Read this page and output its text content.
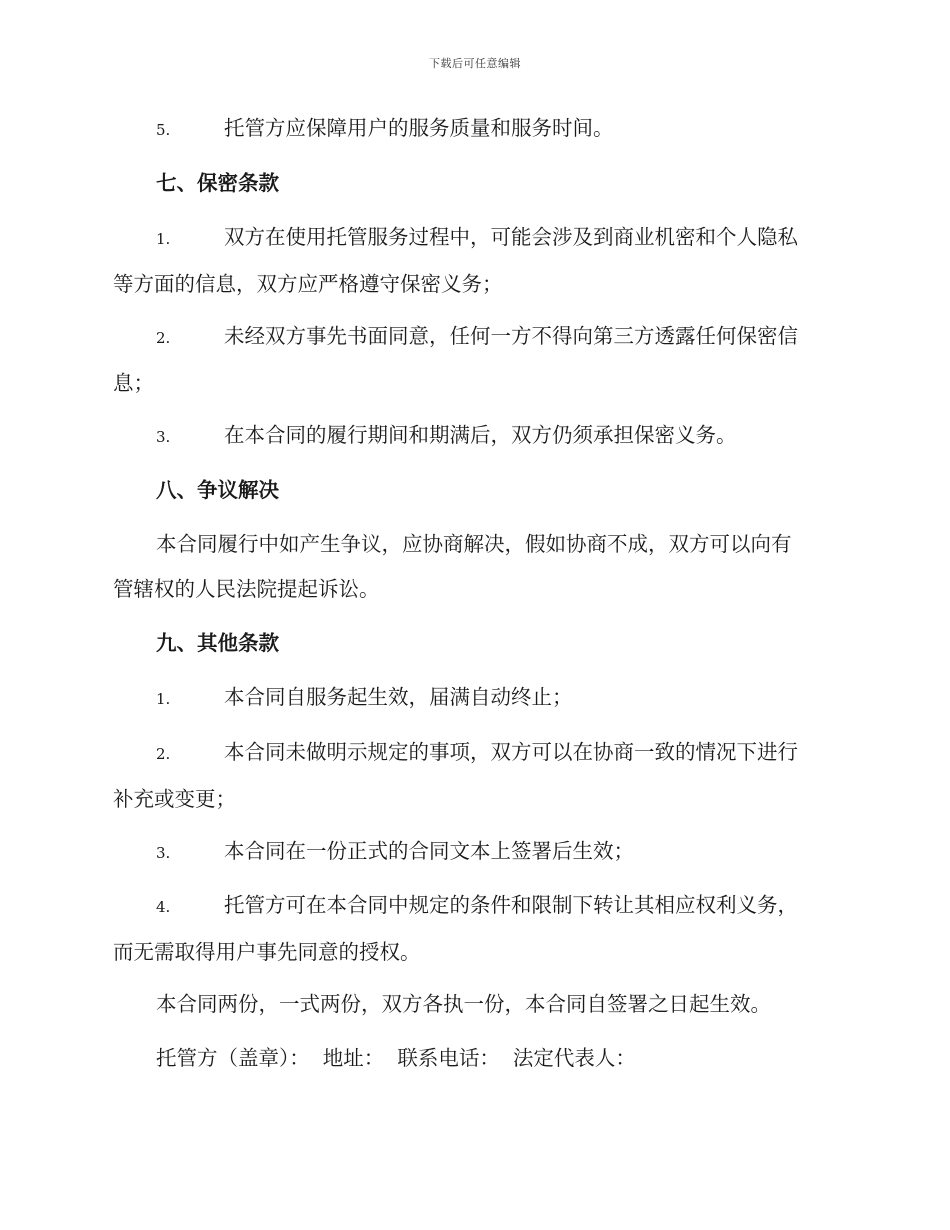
下载后可任意编辑
5.	托管方应保障用户的服务质量和服务时间。
七、保密条款
1.	双方在使用托管服务过程中，可能会涉及到商业机密和个人隐私
等方面的信息，双方应严格遵守保密义务；
2.	未经双方事先书面同意，任何一方不得向第三方透露任何保密信
息；
3.	在本合同的履行期间和期满后，双方仍须承担保密义务。
八、争议解决
本合同履行中如产生争议，应协商解决，假如协商不成，双方可以向有
管辖权的人民法院提起诉讼。
九、其他条款
1.	本合同自服务起生效，届满自动终止；
2.	本合同未做明示规定的事项，双方可以在协商一致的情况下进行
补充或变更；
3.	本合同在一份正式的合同文本上签署后生效；
4.	托管方可在本合同中规定的条件和限制下转让其相应权利义务，
而无需取得用户事先同意的授权。
本合同两份，一式两份，双方各执一份，本合同自签署之日起生效。
托管方（盖章）：  地址：  联系电话：  法定代表人：
